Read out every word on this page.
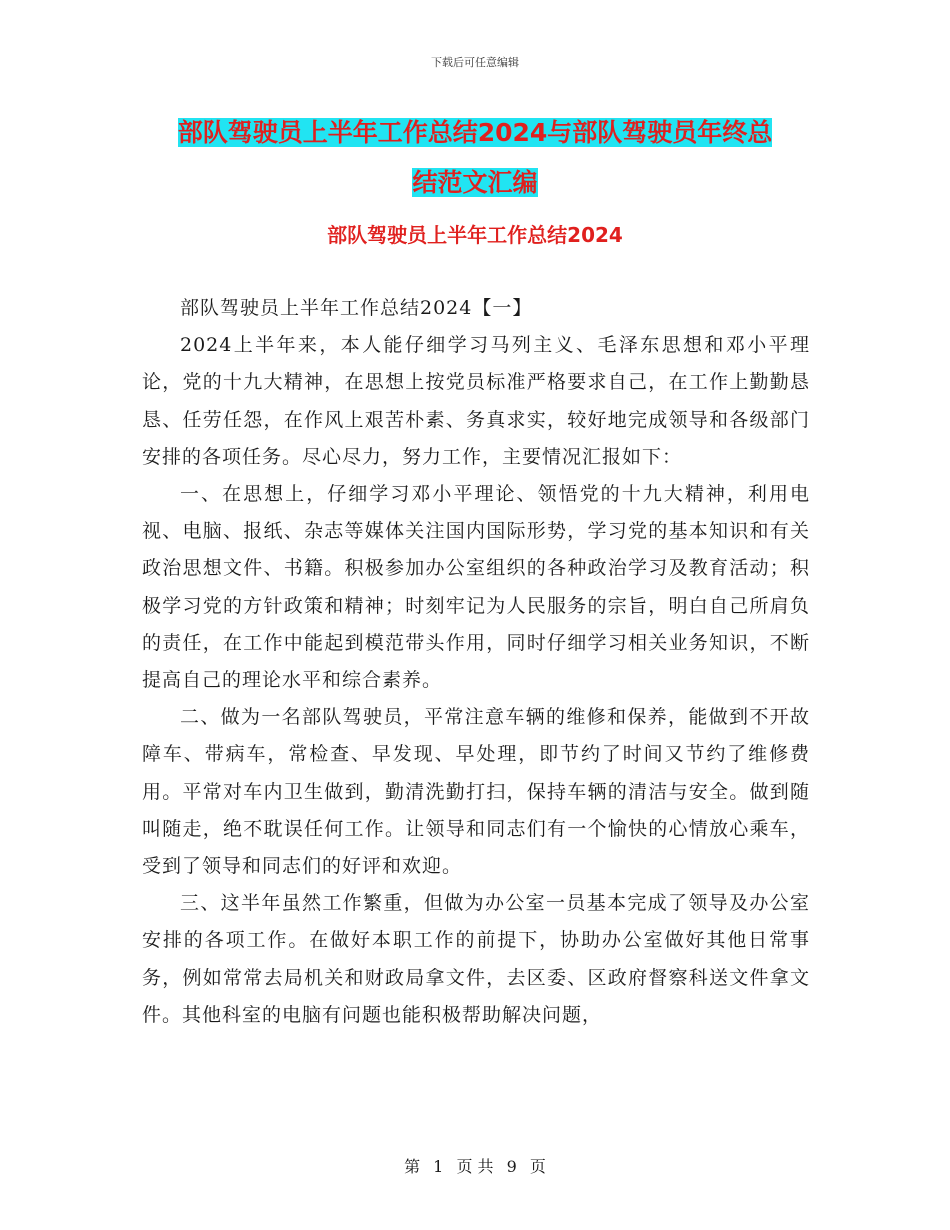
下载后可任意编辑
部队驾驶员上半年工作总结2024与部队驾驶员年终总
结范文汇编
部队驾驶员上半年工作总结2024

部队驾驶员上半年工作总结2024【一】

2024上半年来，本人能仔细学习马列主义、毛泽东思想和邓小平理论，党的十九大精神，在思想上按党员标准严格要求自己，在工作上勤勤恳恳、任劳任怨，在作风上艰苦朴素、务真求实，较好地完成领导和各级部门安排的各项任务。尽心尽力，努力工作，主要情况汇报如下：

一、在思想上，仔细学习邓小平理论、领悟党的十九大精神，利用电视、电脑、报纸、杂志等媒体关注国内国际形势，学习党的基本知识和有关政治思想文件、书籍。积极参加办公室组织的各种政治学习及教育活动；积极学习党的方针政策和精神；时刻牢记为人民服务的宗旨，明白自己所肩负的责任，在工作中能起到模范带头作用，同时仔细学习相关业务知识，不断提高自己的理论水平和综合素养。

二、做为一名部队驾驶员，平常注意车辆的维修和保养，能做到不开故障车、带病车，常检查、早发现、早处理，即节约了时间又节约了维修费用。平常对车内卫生做到，勤清洗勤打扫，保持车辆的清洁与安全。做到随叫随走，绝不耽误任何工作。让领导和同志们有一个愉快的心情放心乘车，受到了领导和同志们的好评和欢迎。

三、这半年虽然工作繁重，但做为办公室一员基本完成了领导及办公室安排的各项工作。在做好本职工作的前提下，协助办公室做好其他日常事务，例如常常去局机关和财政局拿文件，去区委、区政府督察科送文件拿文件。其他科室的电脑有问题也能积极帮助解决问题，

第 1 页 共 9 页
